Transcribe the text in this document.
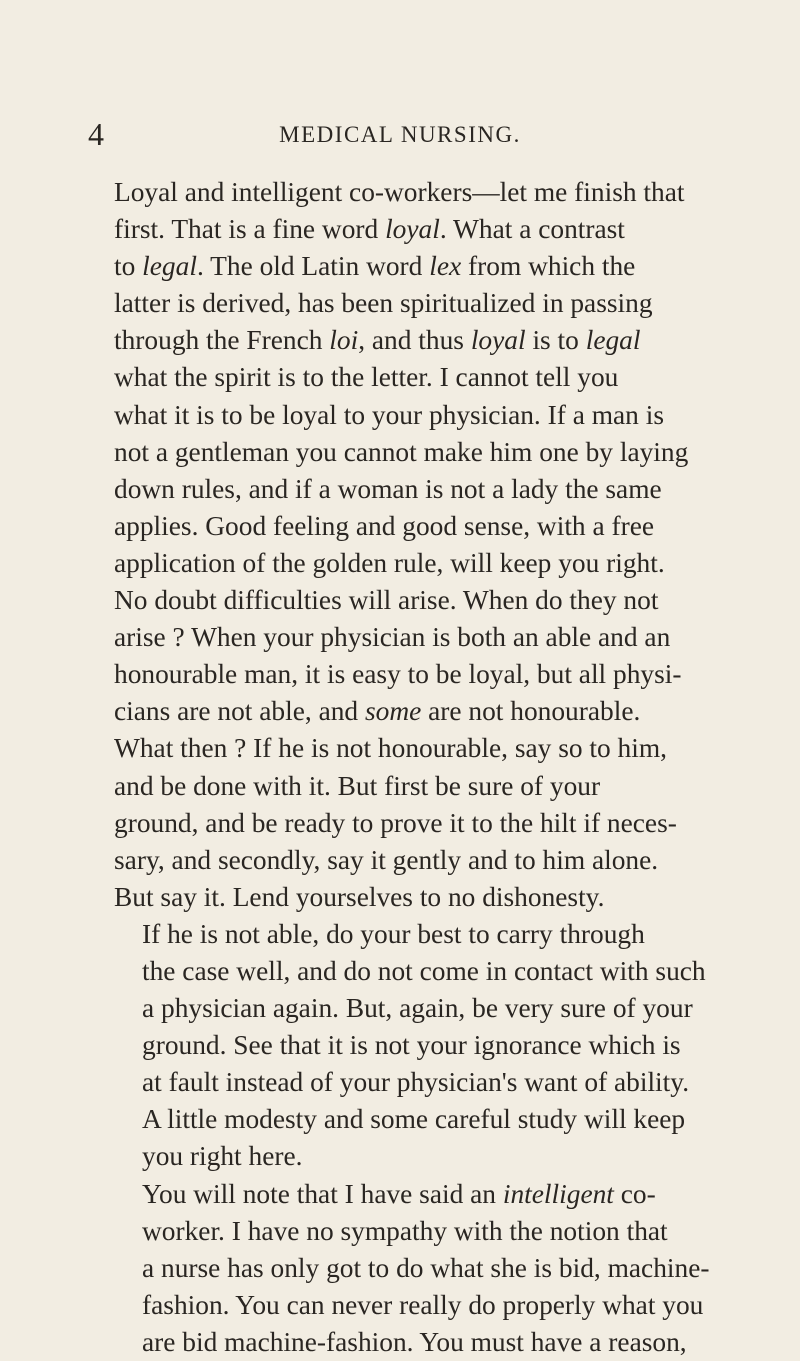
4	MEDICAL NURSING.

Loyal and intelligent co-workers—let me finish that
first. That is a fine word loyal. What a contrast
to legal. The old Latin word lex from which the
latter is derived, has been spiritualized in passing
through the French loi, and thus loyal is to legal
what the spirit is to the letter. I cannot tell you
what it is to be loyal to your physician. If a man is
not a gentleman you cannot make him one by laying
down rules, and if a woman is not a lady the same
applies. Good feeling and good sense, with a free
application of the golden rule, will keep you right.
No doubt difficulties will arise. When do they not
arise ? When your physician is both an able and an
honourable man, it is easy to be loyal, but all physi-
cians are not able, and some are not honourable.
What then ? If he is not honourable, say so to him,
and be done with it. But first be sure of your
ground, and be ready to prove it to the hilt if neces-
sary, and secondly, say it gently and to him alone.
But say it. Lend yourselves to no dishonesty.

If he is not able, do your best to carry through
the case well, and do not come in contact with such
a physician again. But, again, be very sure of your
ground. See that it is not your ignorance which is
at fault instead of your physician's want of ability.
A little modesty and some careful study will keep
you right here.

You will note that I have said an intelligent co-
worker. I have no sympathy with the notion that
a nurse has only got to do what she is bid, machine-
fashion. You can never really do properly what you
are bid machine-fashion. You must have a reason,
